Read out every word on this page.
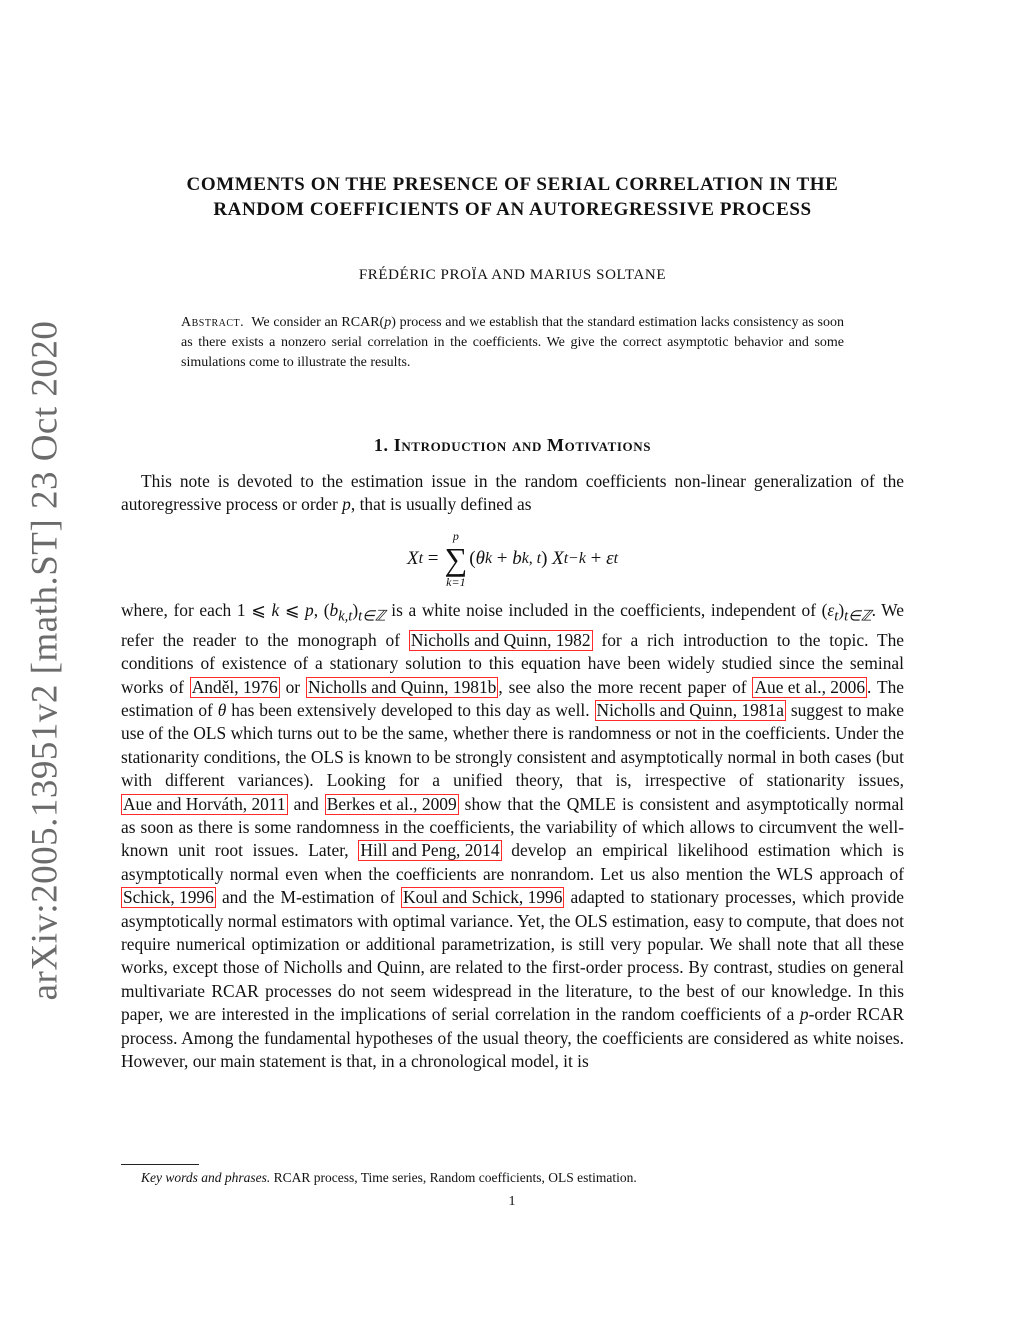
arXiv:2005.13951v2 [math.ST] 23 Oct 2020
COMMENTS ON THE PRESENCE OF SERIAL CORRELATION IN THE
RANDOM COEFFICIENTS OF AN AUTOREGRESSIVE PROCESS
FRÉDÉRIC PROÏA AND MARIUS SOLTANE

Abstract. We consider an RCAR(p) process and we establish that the standard estimation lacks consistency as soon as there exists a nonzero serial correlation in the coefficients. We give the correct asymptotic behavior and some simulations come to illustrate the results.

1. Introduction and Motivations

This note is devoted to the estimation issue in the random coefficients non-linear generalization of the autoregressive process or order p, that is usually defined as

X t
=
p
∑
k=1
( θ k + b k, t )
X t−k + ε t

where, for each 1 ⩽ k ⩽ p, $(b_{k,t})_{t\in ℤ}$ is a white noise included in the coefficients, independent of $(\varepsilon_t)_{t\in ℤ}$. We refer the reader to the monograph of Nicholls and Quinn, 1982 for a rich introduction to the topic. The conditions of existence of a stationary solution to this equation have been widely studied since the seminal works of Anděl, 1976 or Nicholls and Quinn, 1981b , see also the more recent paper of Aue et al., 2006 . The estimation of θ has been extensively developed to this day as well. Nicholls and Quinn, 1981a suggest to make use of the OLS which turns out to be the same, whether there is randomness or not in the coefficients. Under the stationarity conditions, the OLS is known to be strongly consistent and asymptotically normal in both cases (but with different variances). Looking for a unified theory, that is, irrespective of stationarity issues, Aue and Horváth, 2011 and Berkes et al., 2009 show that the QMLE is consistent and asymptotically normal as soon as there is some randomness in the coefficients, the variability of which allows to circumvent the well-known unit root issues. Later, Hill and Peng, 2014 develop an empirical likelihood estimation which is asymptotically normal even when the coefficients are nonrandom. Let us also mention the WLS approach of Schick, 1996 and the M-estimation of Koul and Schick, 1996 adapted to stationary processes, which provide asymptotically normal estimators with optimal variance. Yet, the OLS estimation, easy to compute, that does not require numerical optimization or additional parametrization, is still very popular. We shall note that all these works, except those of Nicholls and Quinn, are related to the first-order process. By contrast, studies on general multivariate RCAR processes do not seem widespread in the literature, to the best of our knowledge. In this paper, we are interested in the implications of serial correlation in the random coefficients of a p-order RCAR process. Among the fundamental hypotheses of the usual theory, the coefficients are considered as white noises. However, our main statement is that, in a chronological model, it is

Key words and phrases. RCAR process, Time series, Random coefficients, OLS estimation.
1
